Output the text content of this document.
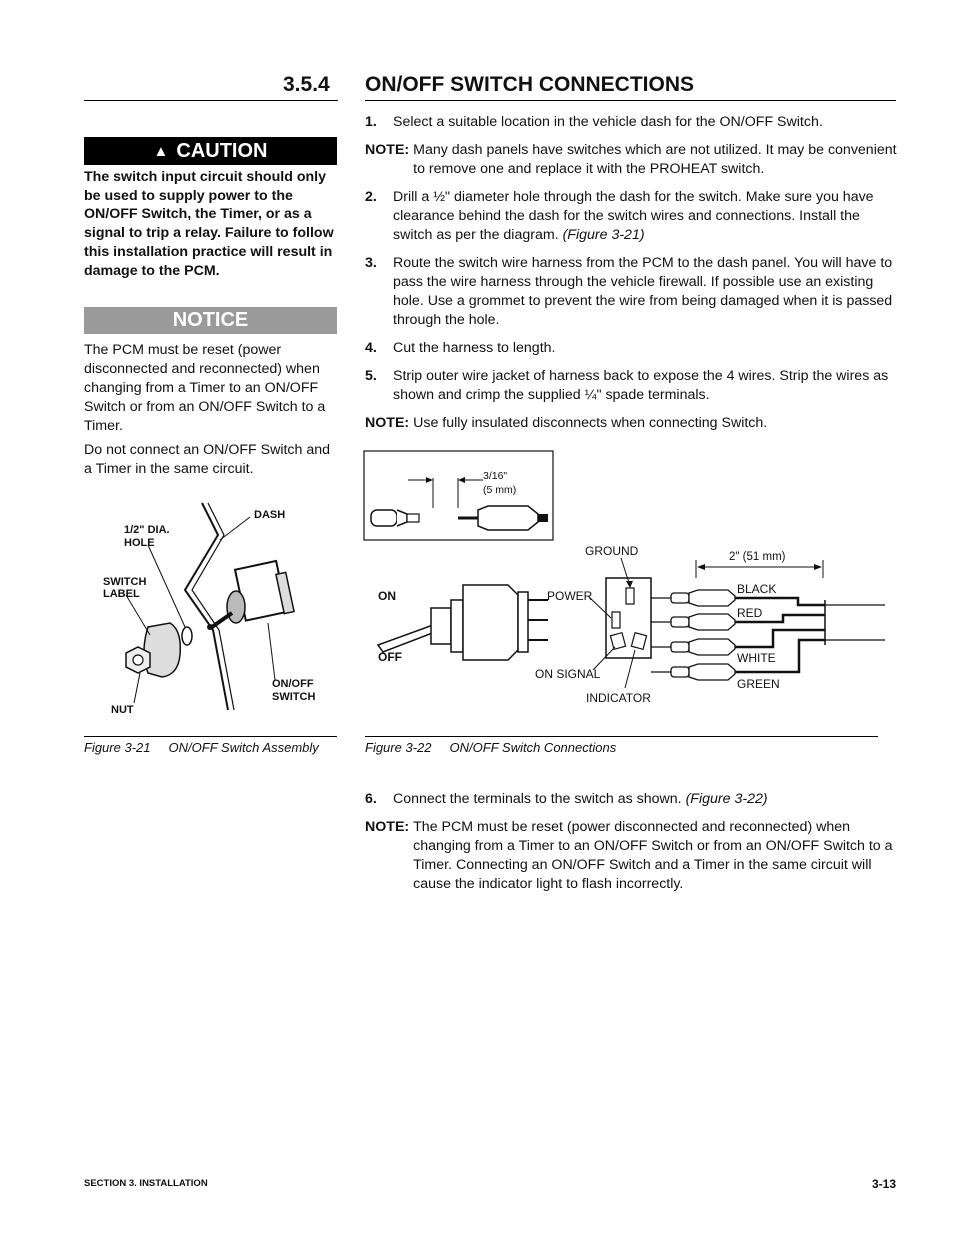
3.5.4 ON/OFF SWITCH CONNECTIONS
▲ CAUTION
The switch input circuit should only be used to supply power to the ON/OFF Switch, the Timer, or as a signal to trip a relay. Failure to follow this installation practice will result in damage to the PCM.
NOTICE

The PCM must be reset (power disconnected and reconnected) when changing from a Timer to an ON/OFF Switch or from an ON/OFF Switch to a Timer.

Do not connect an ON/OFF Switch and a Timer in the same circuit.

1.	Select a suitable location in the vehicle dash for the ON/OFF Switch.
NOTE: Many dash panels have switches which are not utilized. It may be convenient to remove one and replace it with the PROHEAT switch.
2.	Drill a ½" diameter hole through the dash for the switch. Make sure you have clearance behind the dash for the switch wires and connections. Install the switch as per the diagram. (Figure 3-21)
3.	Route the switch wire harness from the PCM to the dash panel. You will have to pass the wire harness through the vehicle firewall. If possible use an existing hole. Use a grommet to prevent the wire from being damaged when it is passed through the hole.
4.	Cut the harness to length.
5.	Strip outer wire jacket of harness back to expose the 4 wires. Strip the wires as shown and crimp the supplied ¼" spade terminals.
NOTE: Use fully insulated disconnects when connecting Switch.
1/2" DIA.
HOLE
DASH
SWITCH
LABEL
NUT
ON/OFF
SWITCH
Figure 3-21 ON/OFF Switch Assembly
3/16"
(5 mm)
GROUND	2" (51 mm)
ON	POWER	BLACK
RED
OFF	WHITE
ON SIGNAL
GREEN
INDICATOR
Figure 3-22 ON/OFF Switch Connections
6.	Connect the terminals to the switch as shown. (Figure 3-22)
NOTE: The PCM must be reset (power disconnected and reconnected) when changing from a Timer to an ON/OFF Switch or from an ON/OFF Switch to a Timer. Connecting an ON/OFF Switch and a Timer in the same circuit will cause the indicator light to flash incorrectly.
SECTION 3. INSTALLATION	3-13
